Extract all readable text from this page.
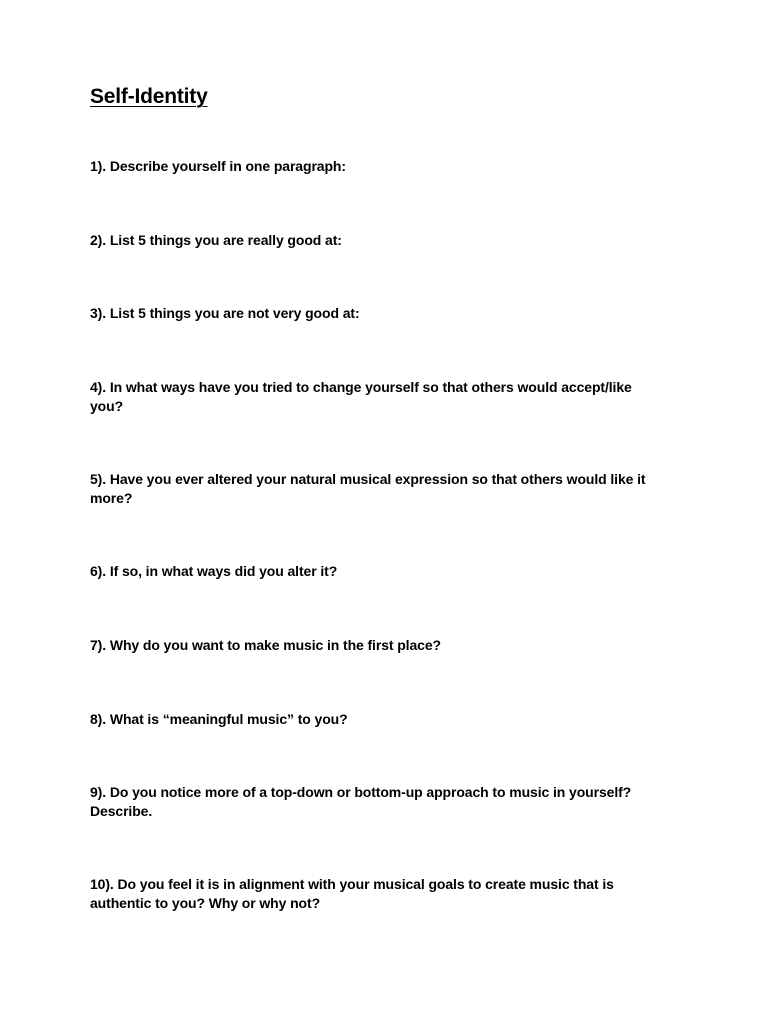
Self-Identity

1). Describe yourself in one paragraph:

2). List 5 things you are really good at:

3). List 5 things you are not very good at:

4). In what ways have you tried to change yourself so that others would accept/like
you?

5). Have you ever altered your natural musical expression so that others would like it
more?

6). If so, in what ways did you alter it?

7). Why do you want to make music in the first place?

8). What is “meaningful music” to you?

9). Do you notice more of a top-down or bottom-up approach to music in yourself?
Describe.

10). Do you feel it is in alignment with your musical goals to create music that is
authentic to you? Why or why not?
